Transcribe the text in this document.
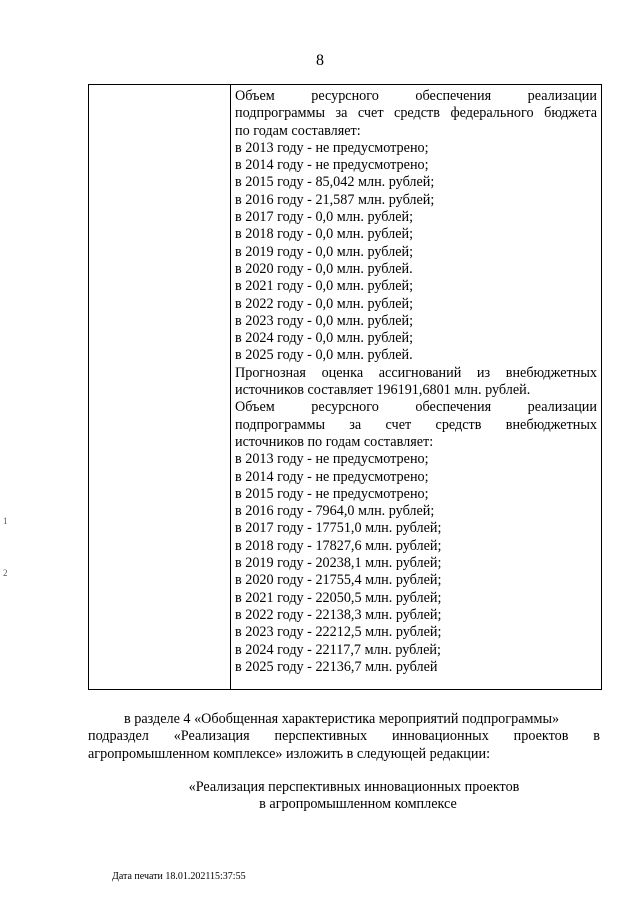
8
Объем ресурсного обеспечения реализации
подпрограммы за счет средств федерального бюджета
по годам составляет:
в 2013 году - не предусмотрено;
в 2014 году - не предусмотрено;
в 2015 году - 85,042 млн. рублей;
в 2016 году - 21,587 млн. рублей;
в 2017 году - 0,0 млн. рублей;
в 2018 году - 0,0 млн. рублей;
в 2019 году - 0,0 млн. рублей;
в 2020 году - 0,0 млн. рублей.
в 2021 году - 0,0 млн. рублей;
в 2022 году - 0,0 млн. рублей;
в 2023 году - 0,0 млн. рублей;
в 2024 году - 0,0 млн. рублей;
в 2025 году - 0,0 млн. рублей.
Прогнозная оценка ассигнований из внебюджетных
источников составляет 196191,6801 млн. рублей.
Объем ресурсного обеспечения реализации
подпрограммы за счет средств внебюджетных
источников по годам составляет:
в 2013 году - не предусмотрено;
в 2014 году - не предусмотрено;
в 2015 году - не предусмотрено;
в 2016 году - 7964,0 млн. рублей;
в 2017 году - 17751,0 млн. рублей;
в 2018 году - 17827,6 млн. рублей;
в 2019 году - 20238,1 млн. рублей;
в 2020 году - 21755,4 млн. рублей;
в 2021 году - 22050,5 млн. рублей;
в 2022 году - 22138,3 млн. рублей;
в 2023 году - 22212,5 млн. рублей;
в 2024 году - 22117,7 млн. рублей;
в 2025 году - 22136,7 млн. рублей
в разделе 4 «Обобщенная характеристика мероприятий подпрограммы»
подраздел «Реализация перспективных инновационных проектов в
агропромышленном комплексе» изложить в следующей редакции:
«Реализация перспективных инновационных проектов
в агропромышленном комплексе
Дата печати 18.01.202115:37:55
1
2
